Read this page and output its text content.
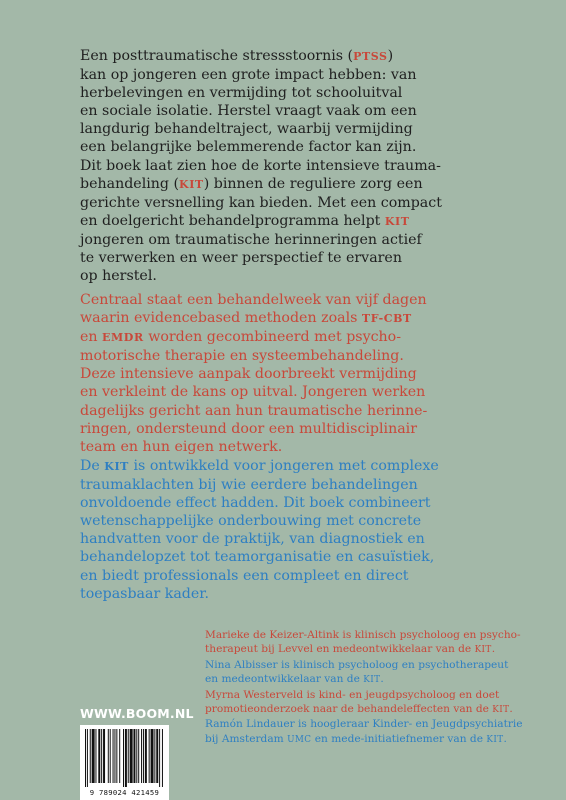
Een posttraumatische stressstoornis (PTSS)
kan op jongeren een grote impact hebben: van
herbelevingen en vermijding tot schooluitval
en sociale isolatie. Herstel vraagt vaak om een
langdurig behandeltraject, waarbij vermijding
een belangrijke belemmerende factor kan zijn.
Dit boek laat zien hoe de korte intensieve trauma-
behandeling (KIT) binnen de reguliere zorg een
gerichte versnelling kan bieden. Met een compact
en doelgericht behandelprogramma helpt KIT
jongeren om traumatische herinneringen actief
te verwerken en weer perspectief te ervaren
op herstel.
Centraal staat een behandelweek van vijf dagen
waarin evidencebased methoden zoals TF-CBT
en EMDR worden gecombineerd met psycho-
motorische therapie en systeembehandeling.
Deze intensieve aanpak doorbreekt vermijding
en verkleint de kans op uitval. Jongeren werken
dagelijks gericht aan hun traumatische herinne-
ringen, ondersteund door een multidisciplinair
team en hun eigen netwerk.
De KIT is ontwikkeld voor jongeren met complexe
traumaklachten bij wie eerdere behandelingen
onvoldoende effect hadden. Dit boek combineert
wetenschappelijke onderbouwing met concrete
handvatten voor de praktijk, van diagnostiek en
behandelopzet tot teamorganisatie en casuïstiek,
en biedt professionals een compleet en direct
toepasbaar kader.
Marieke de Keizer-Altink is klinisch psycholoog en psycho-
therapeut bij Levvel en medeontwikkelaar van de KIT.
Nina Albisser is klinisch psycholoog en psychotherapeut
en medeontwikkelaar van de KIT.
Myrna Westerveld is kind- en jeugdpsycholoog en doet
promotieonderzoek naar de behandeleffecten van de KIT.
Ramón Lindauer is hoogleraar Kinder- en Jeugdpsychiatrie
bij Amsterdam UMC en mede-initiatiefnemer van de KIT.
WWW.BOOM.NL
9 789024 421459
